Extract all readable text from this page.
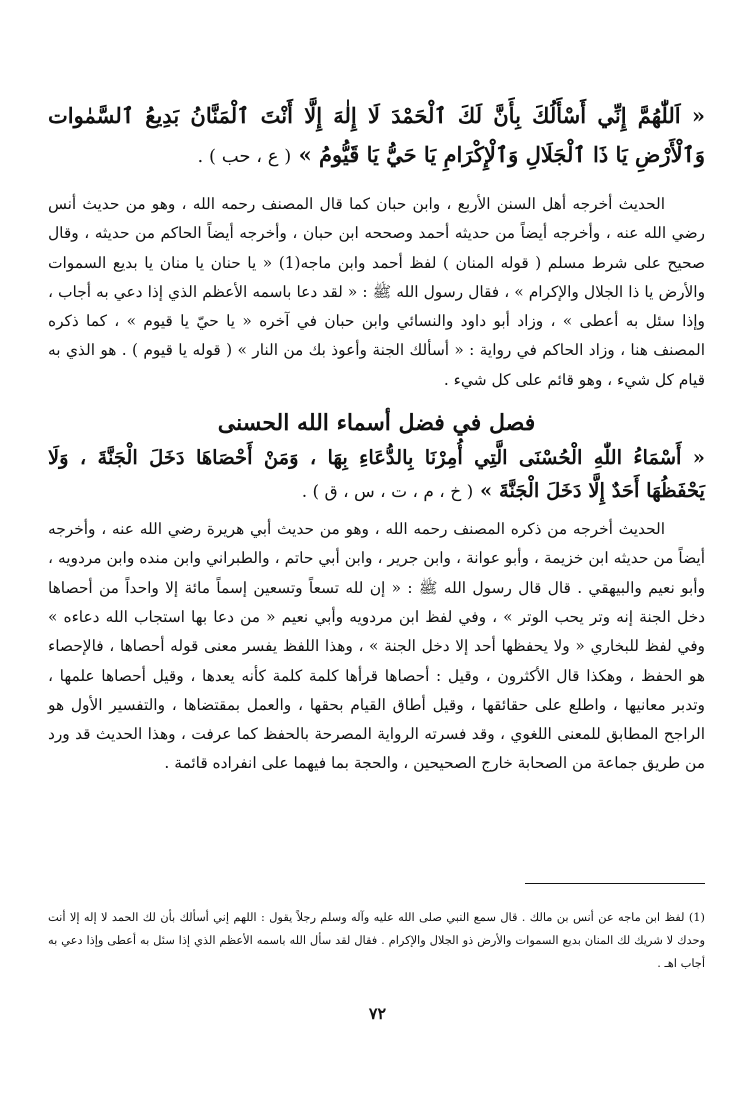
« اَللّٰهُمَّ إِنِّي أَسْأَلُكَ بِأَنَّ لَكَ ٱلْحَمْدَ لَا إِلٰهَ إِلَّا أَنْتَ ٱلْمَنَّانُ بَدِيعُ ٱلسَّمٰوات وَٱلْأَرْضِ يَا ذَا ٱلْجَلَالِ وَٱلْإِكْرَامِ يَا حَيُّ يَا قَيُّومُ » ( ع ، حب ) .

الحديث أخرجه أهل السنن الأربع ، وابن حبان كما قال المصنف رحمه الله ، وهو من حديث أنس رضي الله عنه ، وأخرجه أيضاً من حديثه أحمد وصححه ابن حبان ، وأخرجه أيضاً الحاكم من حديثه ، وقال صحيح على شرط مسلم ( قوله المنان ) لفظ أحمد وابن ماجه(1) « يا حنان يا منان يا بديع السموات والأرض يا ذا الجلال والإكرام » ، فقال رسول الله ﷺ : « لقد دعا باسمه الأعظم الذي إذا دعي به أجاب ، وإذا سئل به أعطى » ، وزاد أبو داود والنسائي وابن حبان في آخره « يا حيّ يا قيوم » ، كما ذكره المصنف هنا ، وزاد الحاكم في رواية : « أسألك الجنة وأعوذ بك من النار » ( قوله يا قيوم ) . هو الذي به قيام كل شيء ، وهو قائم على كل شيء .

فصل في فضل أسماء الله الحسنى

« أَسْمَاءُ اللّٰهِ الْحُسْنَى الَّتِي أُمِرْنَا بِالدُّعَاءِ بِهَا ، وَمَنْ أَحْصَاهَا دَخَلَ الْجَنَّةَ ، وَلَا يَحْفَظُهَا أَحَدٌ إِلَّا دَخَلَ الْجَنَّةَ » ( خ ، م ، ت ، س ، ق ) .

الحديث أخرجه من ذكره المصنف رحمه الله ، وهو من حديث أبي هريرة رضي الله عنه ، وأخرجه أيضاً من حديثه ابن خزيمة ، وأبو عوانة ، وابن جرير ، وابن أبي حاتم ، والطبراني وابن منده وابن مردويه ، وأبو نعيم والبيهقي . قال قال رسول الله ﷺ : « إن لله تسعاً وتسعين إسماً مائة إلا واحداً من أحصاها دخل الجنة إنه وتر يحب الوتر » ، وفي لفظ ابن مردويه وأبي نعيم « من دعا بها استجاب الله دعاءه » وفي لفظ للبخاري « ولا يحفظها أحد إلا دخل الجنة » ، وهذا اللفظ يفسر معنى قوله أحصاها ، فالإحصاء هو الحفظ ، وهكذا قال الأكثرون ، وقيل : أحصاها قرأها كلمة كلمة كأنه يعدها ، وقيل أحصاها علمها ، وتدبر معانيها ، واطلع على حقائقها ، وقيل أطاق القيام بحقها ، والعمل بمقتضاها ، والتفسير الأول هو الراجح المطابق للمعنى اللغوي ، وقد فسرته الرواية المصرحة بالحفظ كما عرفت ، وهذا الحديث قد ورد من طريق جماعة من الصحابة خارج الصحيحين ، والحجة بما فيهما على انفراده قائمة .

(1) لفظ ابن ماجه عن أنس بن مالك . قال سمع النبي صلى الله عليه وآله وسلم رجلاً يقول : اللهم إني أسألك بأن لك الحمد لا إله إلا أنت وحدك لا شريك لك المنان بديع السموات والأرض ذو الجلال والإكرام . فقال لقد سأل الله باسمه الأعظم الذي إذا سئل به أعطى وإذا دعي به أجاب اهـ .

٧٢
